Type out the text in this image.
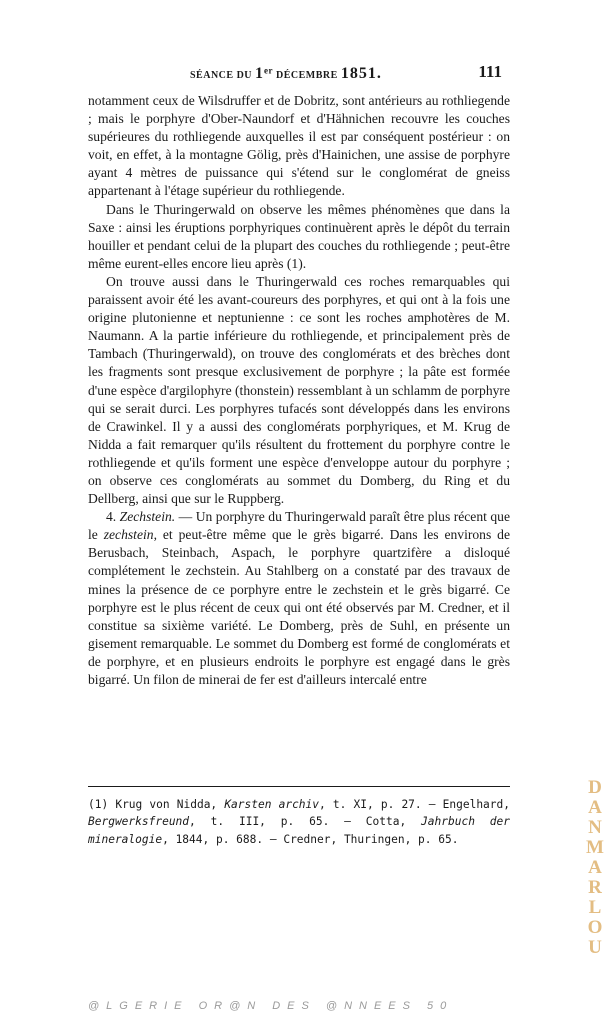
SÉANCE DU 1er DÉCEMBRE 1851.	111

notamment ceux de Wilsdruffer et de Dobritz, sont antérieurs au rothliegende ; mais le porphyre d'Ober-Naundorf et d'Hähnichen recouvre les couches supérieures du rothliegende auxquelles il est par conséquent postérieur : on voit, en effet, à la montagne Gölig, près d'Hainichen, une assise de porphyre ayant 4 mètres de puissance qui s'étend sur le conglomérat de gneiss appartenant à l'étage supérieur du rothliegende.

Dans le Thuringerwald on observe les mêmes phénomènes que dans la Saxe : ainsi les éruptions porphyriques continuèrent après le dépôt du terrain houiller et pendant celui de la plupart des couches du rothliegende ; peut-être même eurent-elles encore lieu après (1).

On trouve aussi dans le Thuringerwald ces roches remarquables qui paraissent avoir été les avant-coureurs des porphyres, et qui ont à la fois une origine plutonienne et neptunienne : ce sont les roches amphotères de M. Naumann. A la partie inférieure du rothliegende, et principalement près de Tambach (Thuringerwald), on trouve des conglomérats et des brèches dont les fragments sont presque exclusivement de porphyre ; la pâte est formée d'une espèce d'argilophyre (thonstein) ressemblant à un schlamm de porphyre qui se serait durci. Les porphyres tufacés sont développés dans les environs de Crawinkel. Il y a aussi des conglomérats porphyriques, et M. Krug de Nidda a fait remarquer qu'ils résultent du frottement du porphyre contre le rothliegende et qu'ils forment une espèce d'enveloppe autour du porphyre ; on observe ces conglomérats au sommet du Domberg, du Ring et du Dellberg, ainsi que sur le Ruppberg.

4. Zechstein. — Un porphyre du Thuringerwald paraît être plus récent que le zechstein, et peut-être même que le grès bigarré. Dans les environs de Berusbach, Steinbach, Aspach, le porphyre quartzifère a disloqué complétement le zechstein. Au Stahlberg on a constaté par des travaux de mines la présence de ce porphyre entre le zechstein et le grès bigarré. Ce porphyre est le plus récent de ceux qui ont été observés par M. Credner, et il constitue sa sixième variété. Le Domberg, près de Suhl, en présente un gisement remarquable. Le sommet du Domberg est formé de conglomérats et de porphyre, et en plusieurs endroits le porphyre est engagé dans le grès bigarré. Un filon de minerai de fer est d'ailleurs intercalé entre

(1) Krug von Nidda, Karsten archiv, t. XI, p. 27. — Engelhard, Bergwerksfreund, t. III, p. 65. — Cotta, Jahrbuch der mineralogie, 1844, p. 688. — Credner, Thuringen, p. 65.

D
A
N
M
A
R
L
O
U
@LGERIE OR@N DES @NNEES 50
